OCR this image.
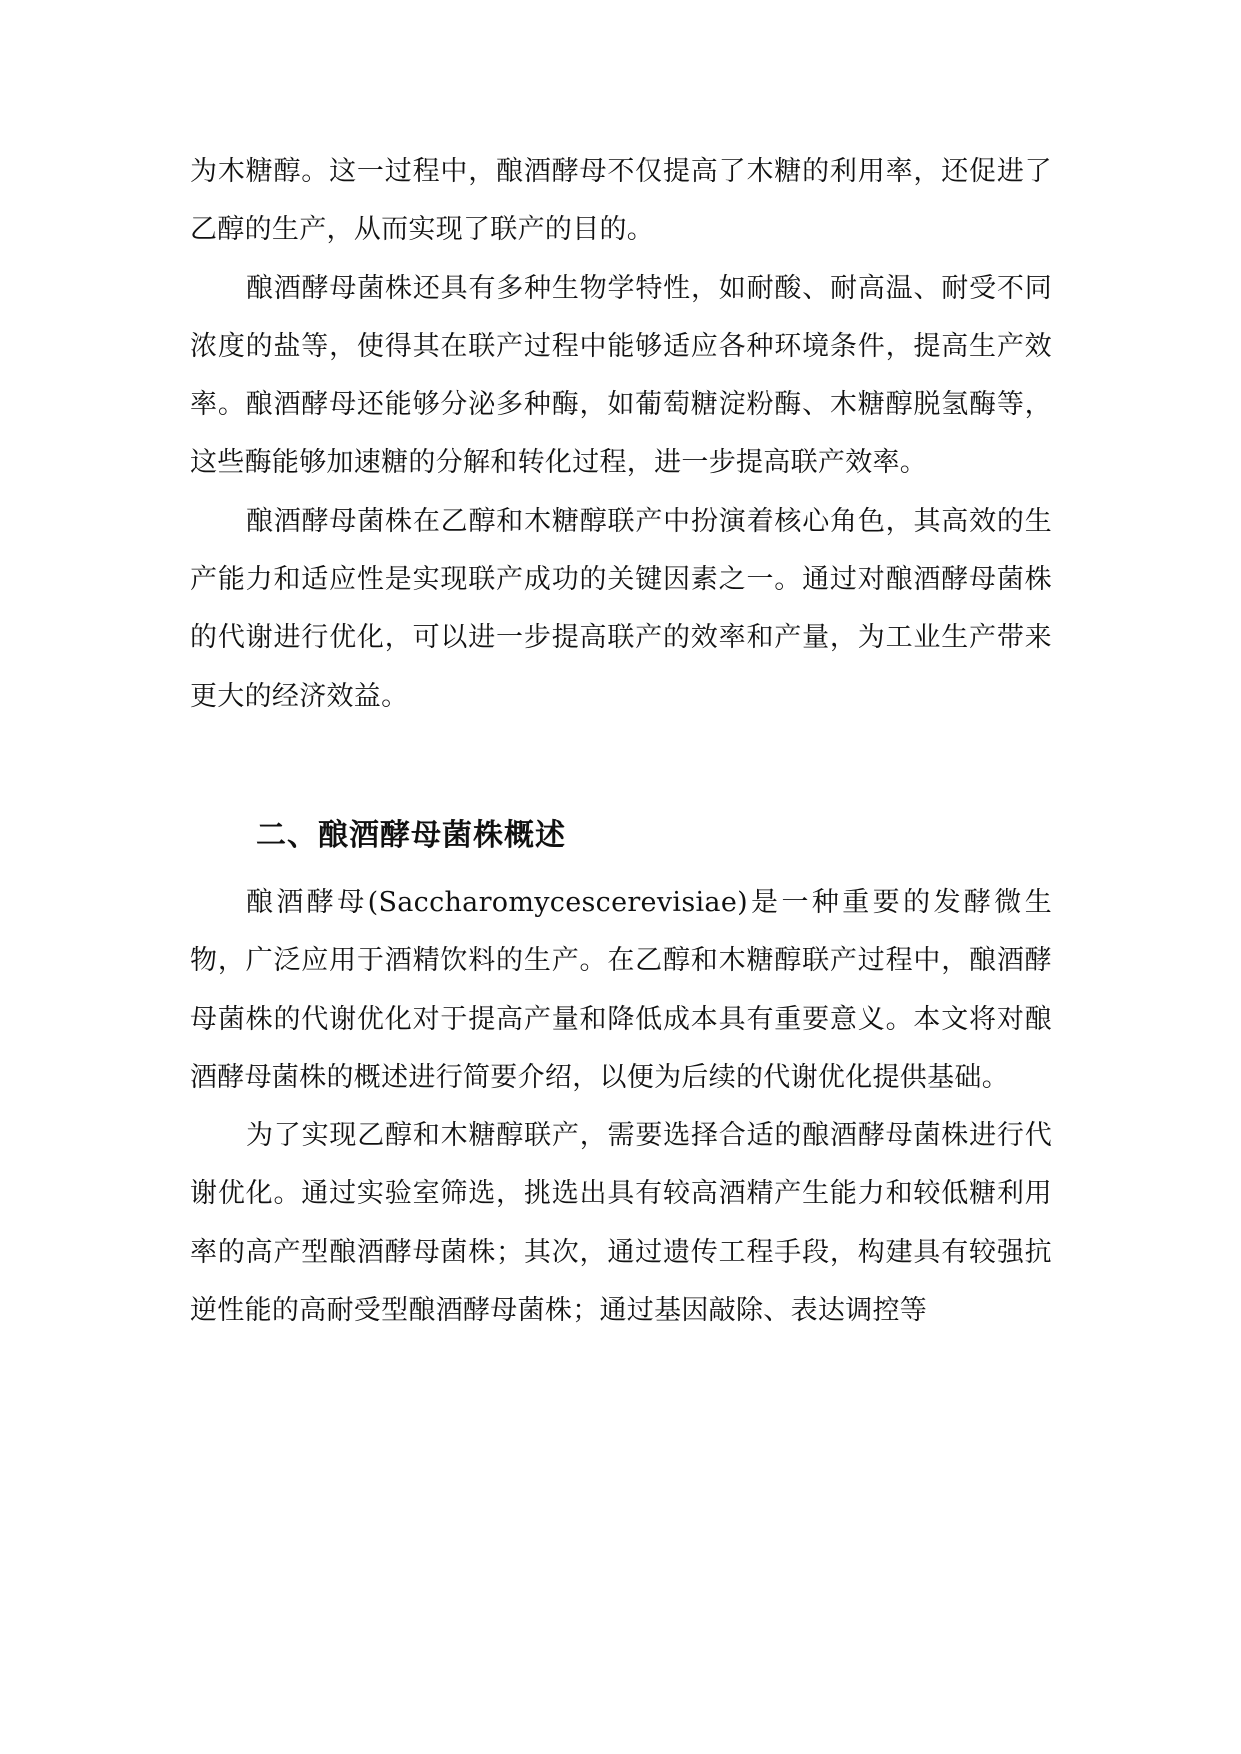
为木糖醇。这一过程中，酿酒酵母不仅提高了木糖的利用率，还促进了乙醇的生产，从而实现了联产的目的。

酿酒酵母菌株还具有多种生物学特性，如耐酸、耐高温、耐受不同浓度的盐等，使得其在联产过程中能够适应各种环境条件，提高生产效率。酿酒酵母还能够分泌多种酶，如葡萄糖淀粉酶、木糖醇脱氢酶等，这些酶能够加速糖的分解和转化过程，进一步提高联产效率。

酿酒酵母菌株在乙醇和木糖醇联产中扮演着核心角色，其高效的生产能力和适应性是实现联产成功的关键因素之一。通过对酿酒酵母菌株的代谢进行优化，可以进一步提高联产的效率和产量，为工业生产带来更大的经济效益。

二、酿酒酵母菌株概述

酿酒酵母(Saccharomycescerevisiae)是一种重要的发酵微生物，广泛应用于酒精饮料的生产。在乙醇和木糖醇联产过程中，酿酒酵母菌株的代谢优化对于提高产量和降低成本具有重要意义。本文将对酿酒酵母菌株的概述进行简要介绍，以便为后续的代谢优化提供基础。

为了实现乙醇和木糖醇联产，需要选择合适的酿酒酵母菌株进行代谢优化。通过实验室筛选，挑选出具有较高酒精产生能力和较低糖利用率的高产型酿酒酵母菌株；其次，通过遗传工程手段，构建具有较强抗逆性能的高耐受型酿酒酵母菌株；通过基因敲除、表达调控等
